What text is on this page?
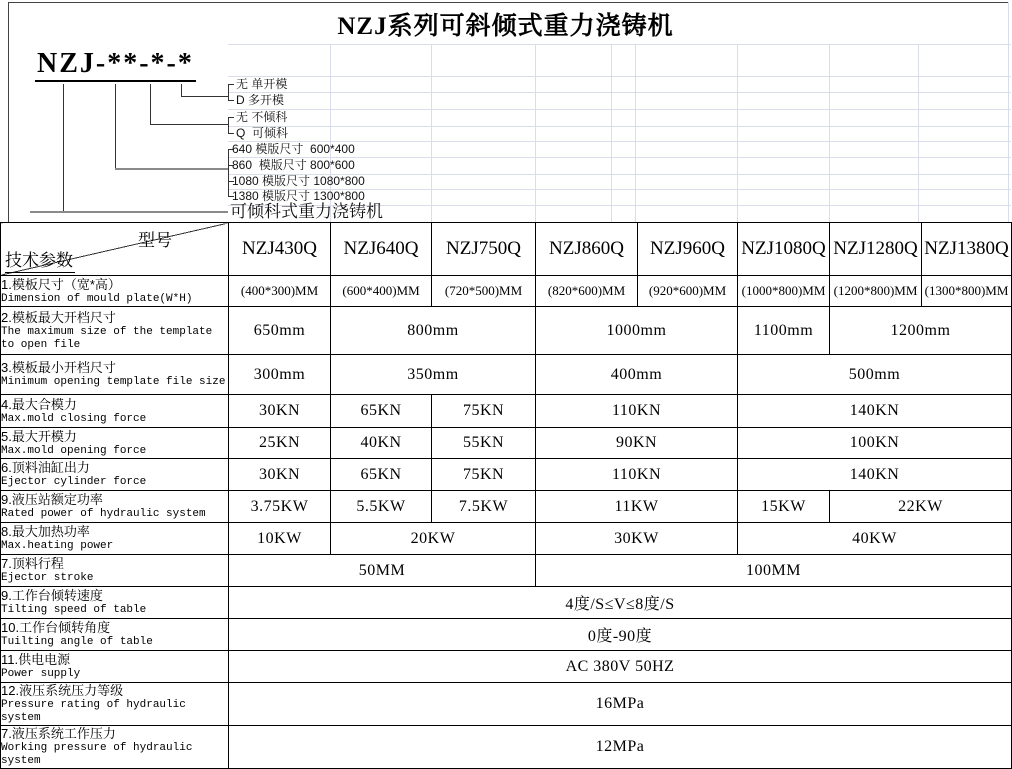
NZJ系列可斜倾式重力浇铸机
NZJ-**-*-*
无 单开模
D 多开模
无 不倾科
Q  可倾科
640 模版尺寸  600*400
860  模版尺寸 800*600
1080 模版尺寸 1080*800
1380 模版尺寸 1300*800
可倾科式重力浇铸机
型号
技术参数	NZJ430Q	NZJ640Q	NZJ750Q	NZJ860Q	NZJ960Q	NZJ1080Q	NZJ1280Q	NZJ1380Q

1.模板尺寸（宽*高）
Dimension of mould plate(W*H)	(400*300)MM	(600*400)MM	(720*500)MM	(820*600)MM	(920*600)MM	(1000*800)MM	(1200*800)MM	(1300*800)MM

2.模板最大开档尺寸
The maximum size of the template to open file	650mm	800mm		1000mm		1100mm	1200mm	

3.模板最小开档尺寸
Minimum opening template file size	300mm	350mm		400mm		500mm		

4.最大合模力
Max.mold closing force	30KN	65KN	75KN	110KN		140KN		

5.最大开模力
Max.mold opening force	25KN	40KN	55KN	90KN		100KN		

6.顶料油缸出力
Ejector cylinder force	30KN	65KN	75KN	110KN		140KN		

9.液压站额定功率
Rated power of hydraulic system	3.75KW	5.5KW	7.5KW	11KW		15KW	22KW	

8.最大加热功率
Max.heating power	10KW	20KW		30KW		40KW		

7.顶料行程
Ejector stroke	50MM			100MM				

9.工作台倾转速度
Tilting speed of table	4度/S≤V≤8度/S							

10.工作台倾转角度
Tuilting angle of table	0度-90度							

11.供电电源
Power supply	AC 380V 50HZ							

12.液压系统压力等级
Pressure rating of hydraulic system	16MPa							

7.液压系统工作压力
Working pressure of hydraulic system	12MPa							
